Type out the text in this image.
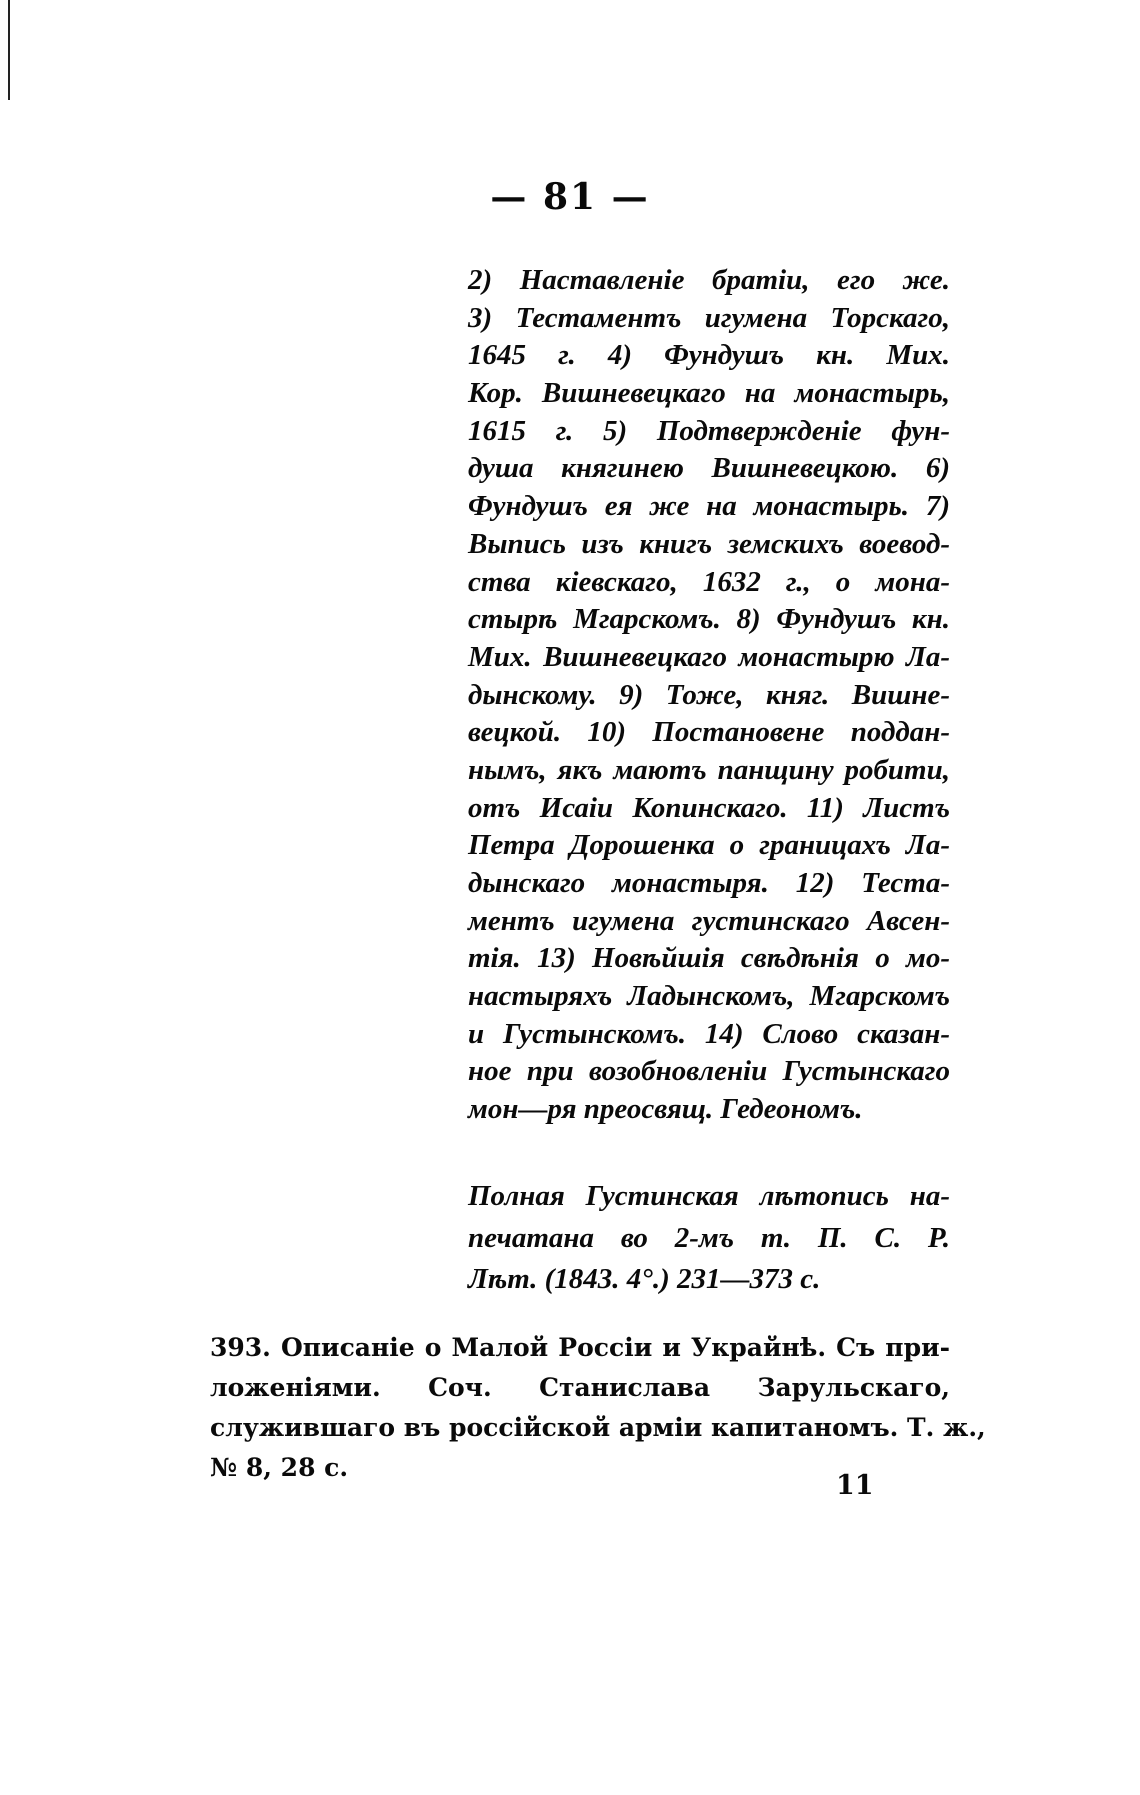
— 81 —
2) Наставленіе братіи, его же.
3) Тестаментъ игумена Торскаго,
1645 г. 4) Фундушъ кн. Мих.
Кор. Вишневецкаго на монастырь,
1615 г. 5) Подтвержденіе фун-
душа княгинею Вишневецкою. 6)
Фундушъ ея же на монастырь. 7)
Выпись изъ книгъ земскихъ воевод-
ства кіевскаго, 1632 г., о мона-
стырѣ Мгарскомъ. 8) Фундушъ кн.
Мих. Вишневецкаго монастырю Ла-
дынскому. 9) Тоже, княг. Вишне-
вецкой. 10) Постановене поддан-
нымъ, якъ маютъ панщину робити,
отъ Исаіи Копинскаго. 11) Листъ
Петра Дорошенка о границахъ Ла-
дынскаго монастыря. 12) Теста-
ментъ игумена густинскаго Авсен-
тія. 13) Новѣйшія свѣдѣнія о мо-
настыряхъ Ладынскомъ, Мгарскомъ
и Густынскомъ. 14) Слово сказан-
ное при возобновленіи Густынскаго
мон—ря преосвящ. Гедеономъ.
Полная Густинская лѣтопись на-
печатана во 2-мъ т. П. С. Р.
Лѣт. (1843. 4°.) 231—373 с.
393. Описаніе о Малой Россіи и Украйнѣ. Съ при-
ложеніями. Соч. Станислава Зарульскаго,
служившаго въ россійской арміи капитаномъ. Т. ж.,
№ 8, 28 с.
11
